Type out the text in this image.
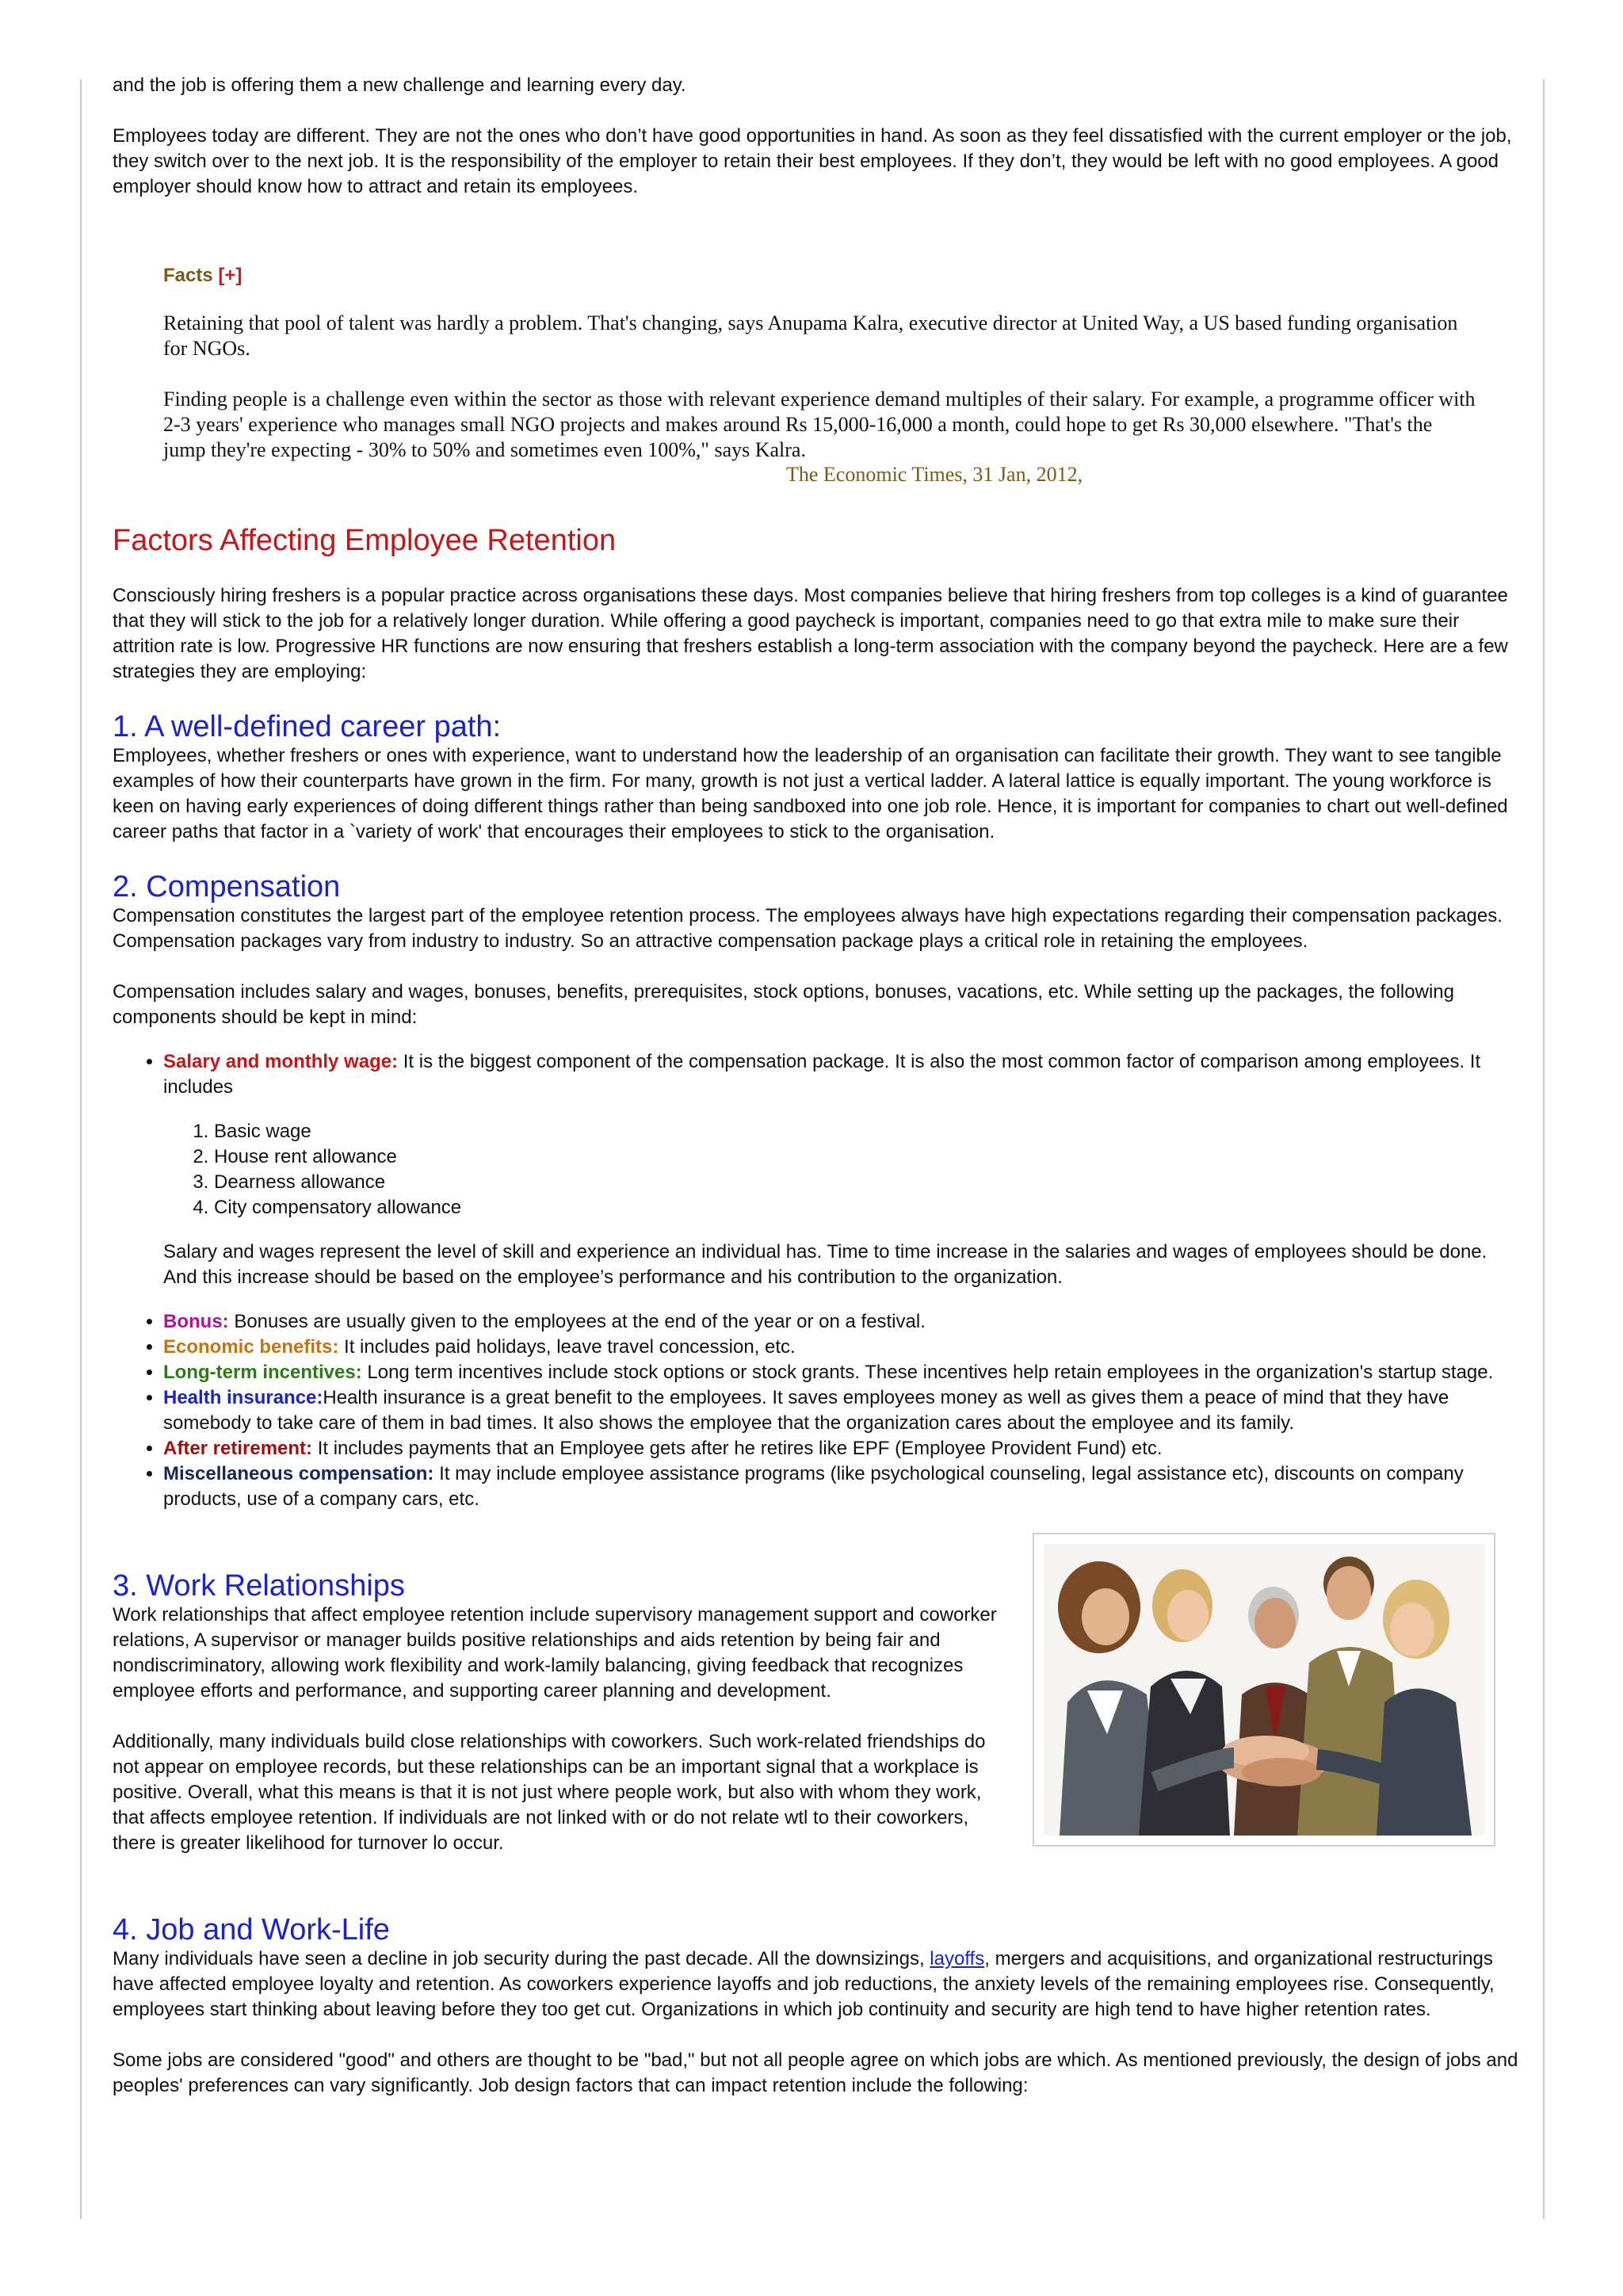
and the job is offering them a new challenge and learning every day.

Employees today are different. They are not the ones who don’t have good opportunities in hand. As soon as they feel dissatisfied with the current employer or the job, they switch over to the next job. It is the responsibility of the employer to retain their best employees. If they don’t, they would be left with no good employees. A good employer should know how to attract and retain its employees.

Facts [+]

Retaining that pool of talent was hardly a problem. That's changing, says Anupama Kalra, executive director at United Way, a US based funding organisation for NGOs.

Finding people is a challenge even within the sector as those with relevant experience demand multiples of their salary. For example, a programme officer with 2-3 years' experience who manages small NGO projects and makes around Rs 15,000-16,000 a month, could hope to get Rs 30,000 elsewhere. "That's the jump they're expecting - 30% to 50% and sometimes even 100%," says Kalra.

The Economic Times, 31 Jan, 2012,
Factors Affecting Employee Retention

Consciously hiring freshers is a popular practice across organisations these days. Most companies believe that hiring freshers from top colleges is a kind of guarantee that they will stick to the job for a relatively longer duration. While offering a good paycheck is important, companies need to go that extra mile to make sure their attrition rate is low. Progressive HR functions are now ensuring that freshers establish a long-term association with the company beyond the paycheck. Here are a few strategies they are employing:

1. A well-defined career path:

Employees, whether freshers or ones with experience, want to understand how the leadership of an organisation can facilitate their growth. They want to see tangible examples of how their counterparts have grown in the firm. For many, growth is not just a vertical ladder. A lateral lattice is equally important. The young workforce is keen on having early experiences of doing different things rather than being sandboxed into one job role. Hence, it is important for companies to chart out well-defined career paths that factor in a `variety of work' that encourages their employees to stick to the organisation.

2. Compensation

Compensation constitutes the largest part of the employee retention process. The employees always have high expectations regarding their compensation packages. Compensation packages vary from industry to industry. So an attractive compensation package plays a critical role in retaining the employees.

Compensation includes salary and wages, bonuses, benefits, prerequisites, stock options, bonuses, vacations, etc. While setting up the packages, the following components should be kept in mind:

• Salary and monthly wage: It is the biggest component of the compensation package. It is also the most common factor of comparison among employees. It includes
1. Basic wage
2. House rent allowance
3. Dearness allowance
4. City compensatory allowance
Salary and wages represent the level of skill and experience an individual has. Time to time increase in the salaries and wages of employees should be done. And this increase should be based on the employee’s performance and his contribution to the organization.
• Bonus: Bonuses are usually given to the employees at the end of the year or on a festival.
• Economic benefits: It includes paid holidays, leave travel concession, etc.
• Long-term incentives: Long term incentives include stock options or stock grants. These incentives help retain employees in the organization's startup stage.
• Health insurance:Health insurance is a great benefit to the employees. It saves employees money as well as gives them a peace of mind that they have somebody to take care of them in bad times. It also shows the employee that the organization cares about the employee and its family.
• After retirement: It includes payments that an Employee gets after he retires like EPF (Employee Provident Fund) etc.
• Miscellaneous compensation: It may include employee assistance programs (like psychological counseling, legal assistance etc), discounts on company products, use of a company cars, etc.
3. Work Relationships

Work relationships that affect employee retention include supervisory management support and coworker relations, A supervisor or manager builds positive relationships and aids retention by being fair and nondiscriminatory, allowing work flexibility and work-lamily balancing, giving feedback that recognizes employee efforts and performance, and supporting career planning and development.

Additionally, many individuals build close relationships with coworkers. Such work-related friendships do not appear on employee records, but these relationships can be an important signal that a workplace is positive. Overall, what this means is that it is not just where people work, but also with whom they work, that affects employee retention. If individuals are not linked with or do not relate wtl to their coworkers, there is greater likelihood for turnover lo occur.

4. Job and Work-Life

Many individuals have seen a decline in job security during the past decade. All the downsizings, layoffs, mergers and acquisitions, and organizational restructurings have affected employee loyalty and retention. As coworkers experience layoffs and job reductions, the anxiety levels of the remaining employees rise. Consequently, employees start thinking about leaving before they too get cut. Organizations in which job continuity and security are high tend to have higher retention rates.

Some jobs are considered "good" and others are thought to be "bad," but not all people agree on which jobs are which. As mentioned previously, the design of jobs and peoples' preferences can vary significantly. Job design factors that can impact retention include the following:
